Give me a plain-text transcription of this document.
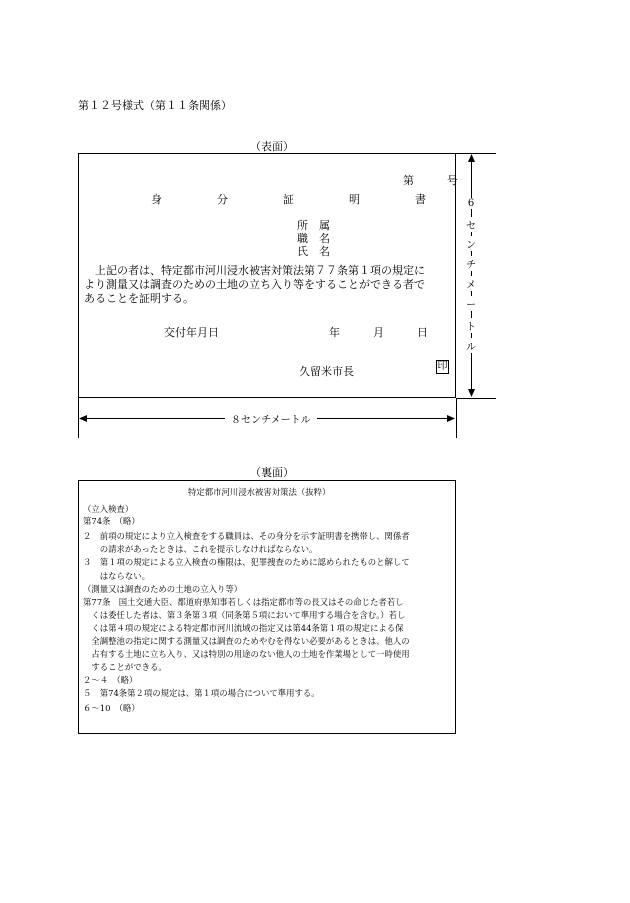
第１２号様式（第１１条関係）
（表面）
第　　　号
身　　　　　分　　　　　証　　　　　明　　　　　書
所　属
職　名
氏　名
　上記の者は、特定都市河川浸水被害対策法第７７条第１項の規定に
より測量又は調査のための土地の立ち入り等をすることができる者で
あることを証明する。
交付年月日	年　　　月　　　日
久留米市長	印
6
セ
ン
チ
メ
ー
ト
ル
８センチメートル
（裏面）
特定都市河川浸水被害対策法（抜粋）
（立入検査）
第74条　（略）
２　前項の規定により立入検査をする職員は、その身分を示す証明書を携帯し、関係者
　　の請求があったときは、これを提示しなければならない。
３　第１項の規定による立入検査の権限は、犯罪捜査のために認められたものと解して
　　はならない。
（測量又は調査のための土地の立入り等）
第77条　国土交通大臣、都道府県知事若しくは指定都市等の長又はその命じた者若し
　くは委任した者は、第３条第３項（同条第５項において準用する場合を含む。）若し
　くは第４項の規定による特定都市河川流域の指定又は第44条第１項の規定による保
　全調整池の指定に関する測量又は調査のためやむを得ない必要があるときは、他人の
　占有する土地に立ち入り、又は特別の用途のない他人の土地を作業場として一時使用
　することができる。
２～４　（略）
５　第74条第２項の規定は、第１項の場合について準用する。
６～10　（略）
